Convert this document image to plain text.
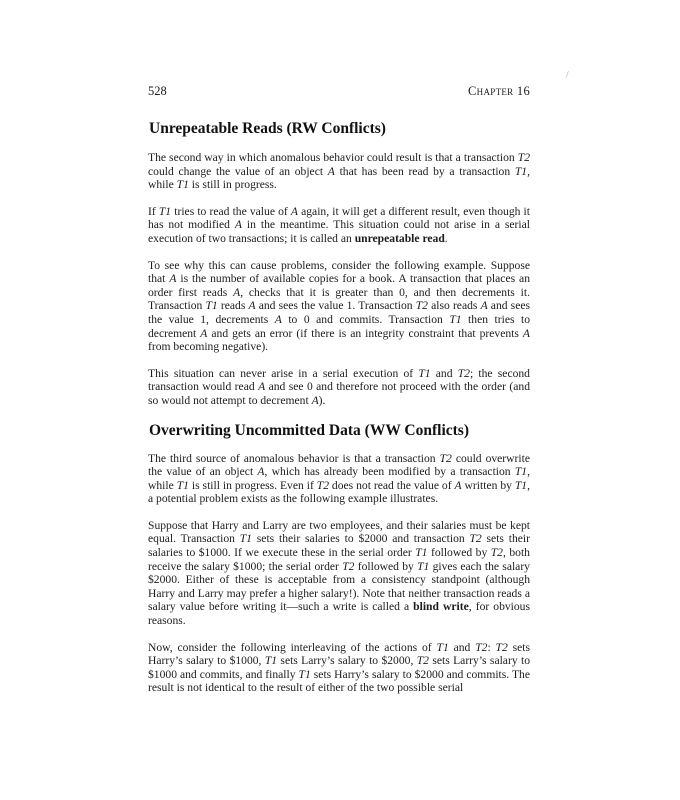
/
528	Chapter 16
Unrepeatable Reads (RW Conflicts)

The second way in which anomalous behavior could result is that a transaction T2 could change the value of an object A that has been read by a transaction T1, while T1 is still in progress.

If T1 tries to read the value of A again, it will get a different result, even though it has not modified A in the meantime. This situation could not arise in a serial execution of two transactions; it is called an unrepeatable read.

To see why this can cause problems, consider the following example. Suppose that A is the number of available copies for a book. A transaction that places an order first reads A, checks that it is greater than 0, and then decrements it. Transaction T1 reads A and sees the value 1. Transaction T2 also reads A and sees the value 1, decrements A to 0 and commits. Transaction T1 then tries to decrement A and gets an error (if there is an integrity constraint that prevents A from becoming negative).

This situation can never arise in a serial execution of T1 and T2; the second transaction would read A and see 0 and therefore not proceed with the order (and so would not attempt to decrement A).

Overwriting Uncommitted Data (WW Conflicts)

The third source of anomalous behavior is that a transaction T2 could overwrite the value of an object A, which has already been modified by a transaction T1, while T1 is still in progress. Even if T2 does not read the value of A written by T1, a potential problem exists as the following example illustrates.

Suppose that Harry and Larry are two employees, and their salaries must be kept equal. Transaction T1 sets their salaries to $2000 and transaction T2 sets their salaries to $1000. If we execute these in the serial order T1 followed by T2, both receive the salary $1000; the serial order T2 followed by T1 gives each the salary $2000. Either of these is acceptable from a consistency standpoint (although Harry and Larry may prefer a higher salary!). Note that neither transaction reads a salary value before writing it—such a write is called a blind write, for obvious reasons.

Now, consider the following interleaving of the actions of T1 and T2: T2 sets Harry’s salary to $1000, T1 sets Larry’s salary to $2000, T2 sets Larry’s salary to $1000 and commits, and finally T1 sets Harry’s salary to $2000 and commits. The result is not identical to the result of either of the two possible serial
